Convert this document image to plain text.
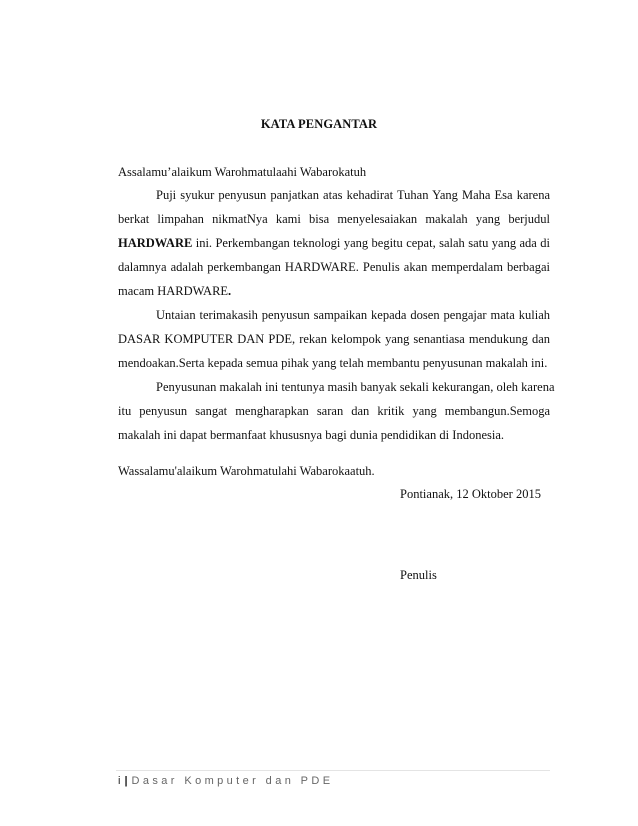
KATA PENGANTAR
Assalamu’alaikum Warohmatulaahi Wabarokatuh
Puji syukur penyusun panjatkan atas kehadirat Tuhan Yang Maha Esa karena
berkat limpahan nikmatNya kami bisa menyelesaiakan makalah yang berjudul
HARDWARE ini. Perkembangan teknologi yang begitu cepat, salah satu yang ada di
dalamnya adalah perkembangan HARDWARE. Penulis akan memperdalam berbagai
macam HARDWARE.
Untaian terimakasih penyusun sampaikan kepada dosen pengajar mata kuliah
DASAR KOMPUTER DAN PDE, rekan kelompok yang senantiasa mendukung dan
mendoakan.Serta kepada semua pihak yang telah membantu penyusunan makalah ini.
Penyusunan makalah ini tentunya masih banyak sekali kekurangan, oleh karena
itu penyusun sangat mengharapkan saran dan kritik yang membangun.Semoga
makalah ini dapat bermanfaat khususnya bagi dunia pendidikan di Indonesia.
Wassalamu'alaikum Warohmatulahi Wabarokaatuh.
Pontianak, 12 Oktober 2015
Penulis
i | Dasar Komputer dan PDE
